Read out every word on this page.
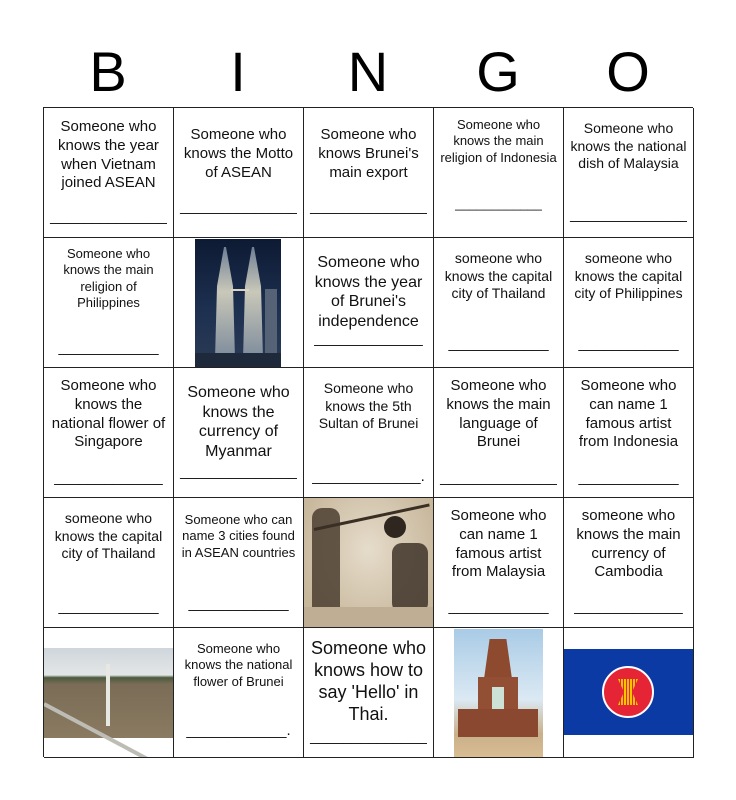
B	I	N	G	O
Someone who knows the year when Vietnam joined ASEAN
______________
Someone who knows the Motto of ASEAN
______________
Someone who knows Brunei's main export
______________
Someone who knows the main religion of Indonesia
____________
Someone who knows the national dish of Malaysia
______________
Someone who knows the main religion of Philippines
____________
Someone who knows the year of Brunei's independence
_____________
someone who knows the capital city of Thailand
____________
someone who knows the capital city of Philippines
____________
Someone who knows the national flower of Singapore
_____________
Someone who knows the currency of Myanmar
______________
Someone who knows the 5th Sultan of Brunei
_____________.
Someone who knows the main language of Brunei
______________
Someone who can name 1 famous artist from Indonesia
____________
someone who knows the capital city of Thailand
____________
Someone who can name 3 cities found in ASEAN countries
____________
Someone who can name 1 famous artist from Malaysia
____________
someone who knows the main currency of Cambodia
_____________
Someone who knows the national flower of Brunei
____________.
Someone who knows how to say 'Hello' in Thai.
______________
